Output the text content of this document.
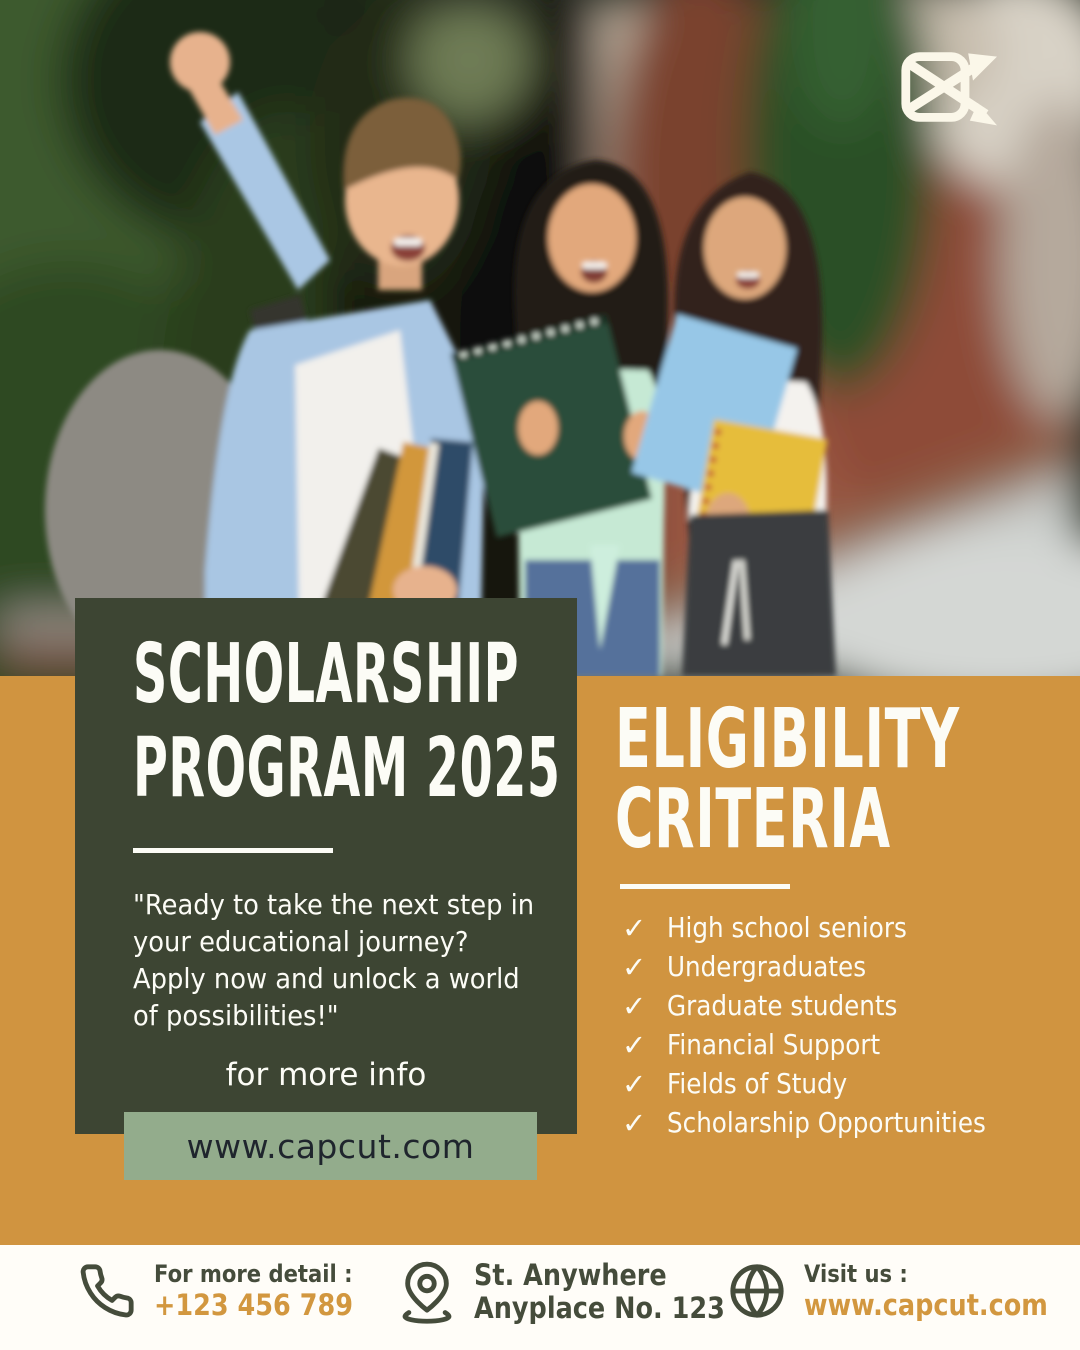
SCHOLARSHIP
PROGRAM 2025
"Ready to take the next step in
your educational journey?
Apply now and unlock a world
of possibilities!"
for more info
www.capcut.com
ELIGIBILITY
CRITERIA
✓ High school seniors
✓ Undergraduates
✓ Graduate students
✓ Financial Support
✓ Fields of Study
✓ Scholarship Opportunities
For more detail :
+123 456 789
St. Anywhere
Anyplace No. 123
Visit us :
www.capcut.com
